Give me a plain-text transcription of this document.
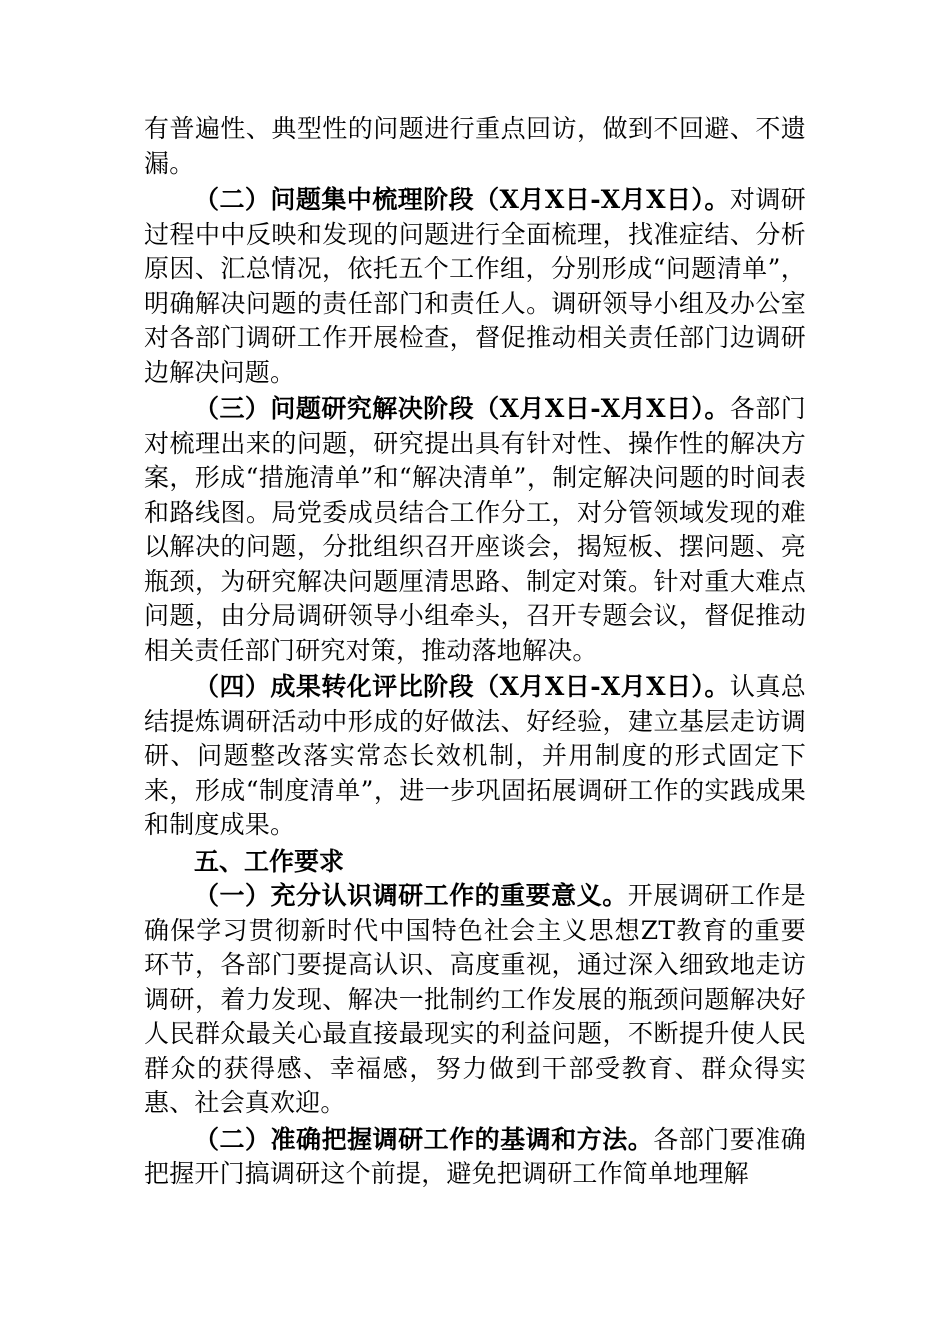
有普遍性、典型性的问题进行重点回访，做到不回避、不遗漏。

（二）问题集中梳理阶段（X月X日-X月X日）。对调研过程中中反映和发现的问题进行全面梳理，找准症结、分析原因、汇总情况，依托五个工作组，分别形成“问题清单”，明确解决问题的责任部门和责任人。调研领导小组及办公室对各部门调研工作开展检查，督促推动相关责任部门边调研边解决问题。

（三）问题研究解决阶段（X月X日-X月X日）。各部门对梳理出来的问题，研究提出具有针对性、操作性的解决方案，形成“措施清单”和“解决清单”，制定解决问题的时间表和路线图。局党委成员结合工作分工，对分管领域发现的难以解决的问题，分批组织召开座谈会，揭短板、摆问题、亮瓶颈，为研究解决问题厘清思路、制定对策。针对重大难点问题，由分局调研领导小组牵头，召开专题会议，督促推动相关责任部门研究对策，推动落地解决。

（四）成果转化评比阶段（X月X日-X月X日）。认真总结提炼调研活动中形成的好做法、好经验，建立基层走访调研、问题整改落实常态长效机制，并用制度的形式固定下来，形成“制度清单”，进一步巩固拓展调研工作的实践成果和制度成果。

五、工作要求

（一）充分认识调研工作的重要意义。开展调研工作是确保学习贯彻新时代中国特色社会主义思想ZT教育的重要环节，各部门要提高认识、高度重视，通过深入细致地走访调研，着力发现、解决一批制约工作发展的瓶颈问题解决好人民群众最关心最直接最现实的利益问题，不断提升使人民群众的获得感、幸福感，努力做到干部受教育、群众得实惠、社会真欢迎。

（二）准确把握调研工作的基调和方法。各部门要准确把握开门搞调研这个前提，避免把调研工作简单地理解
